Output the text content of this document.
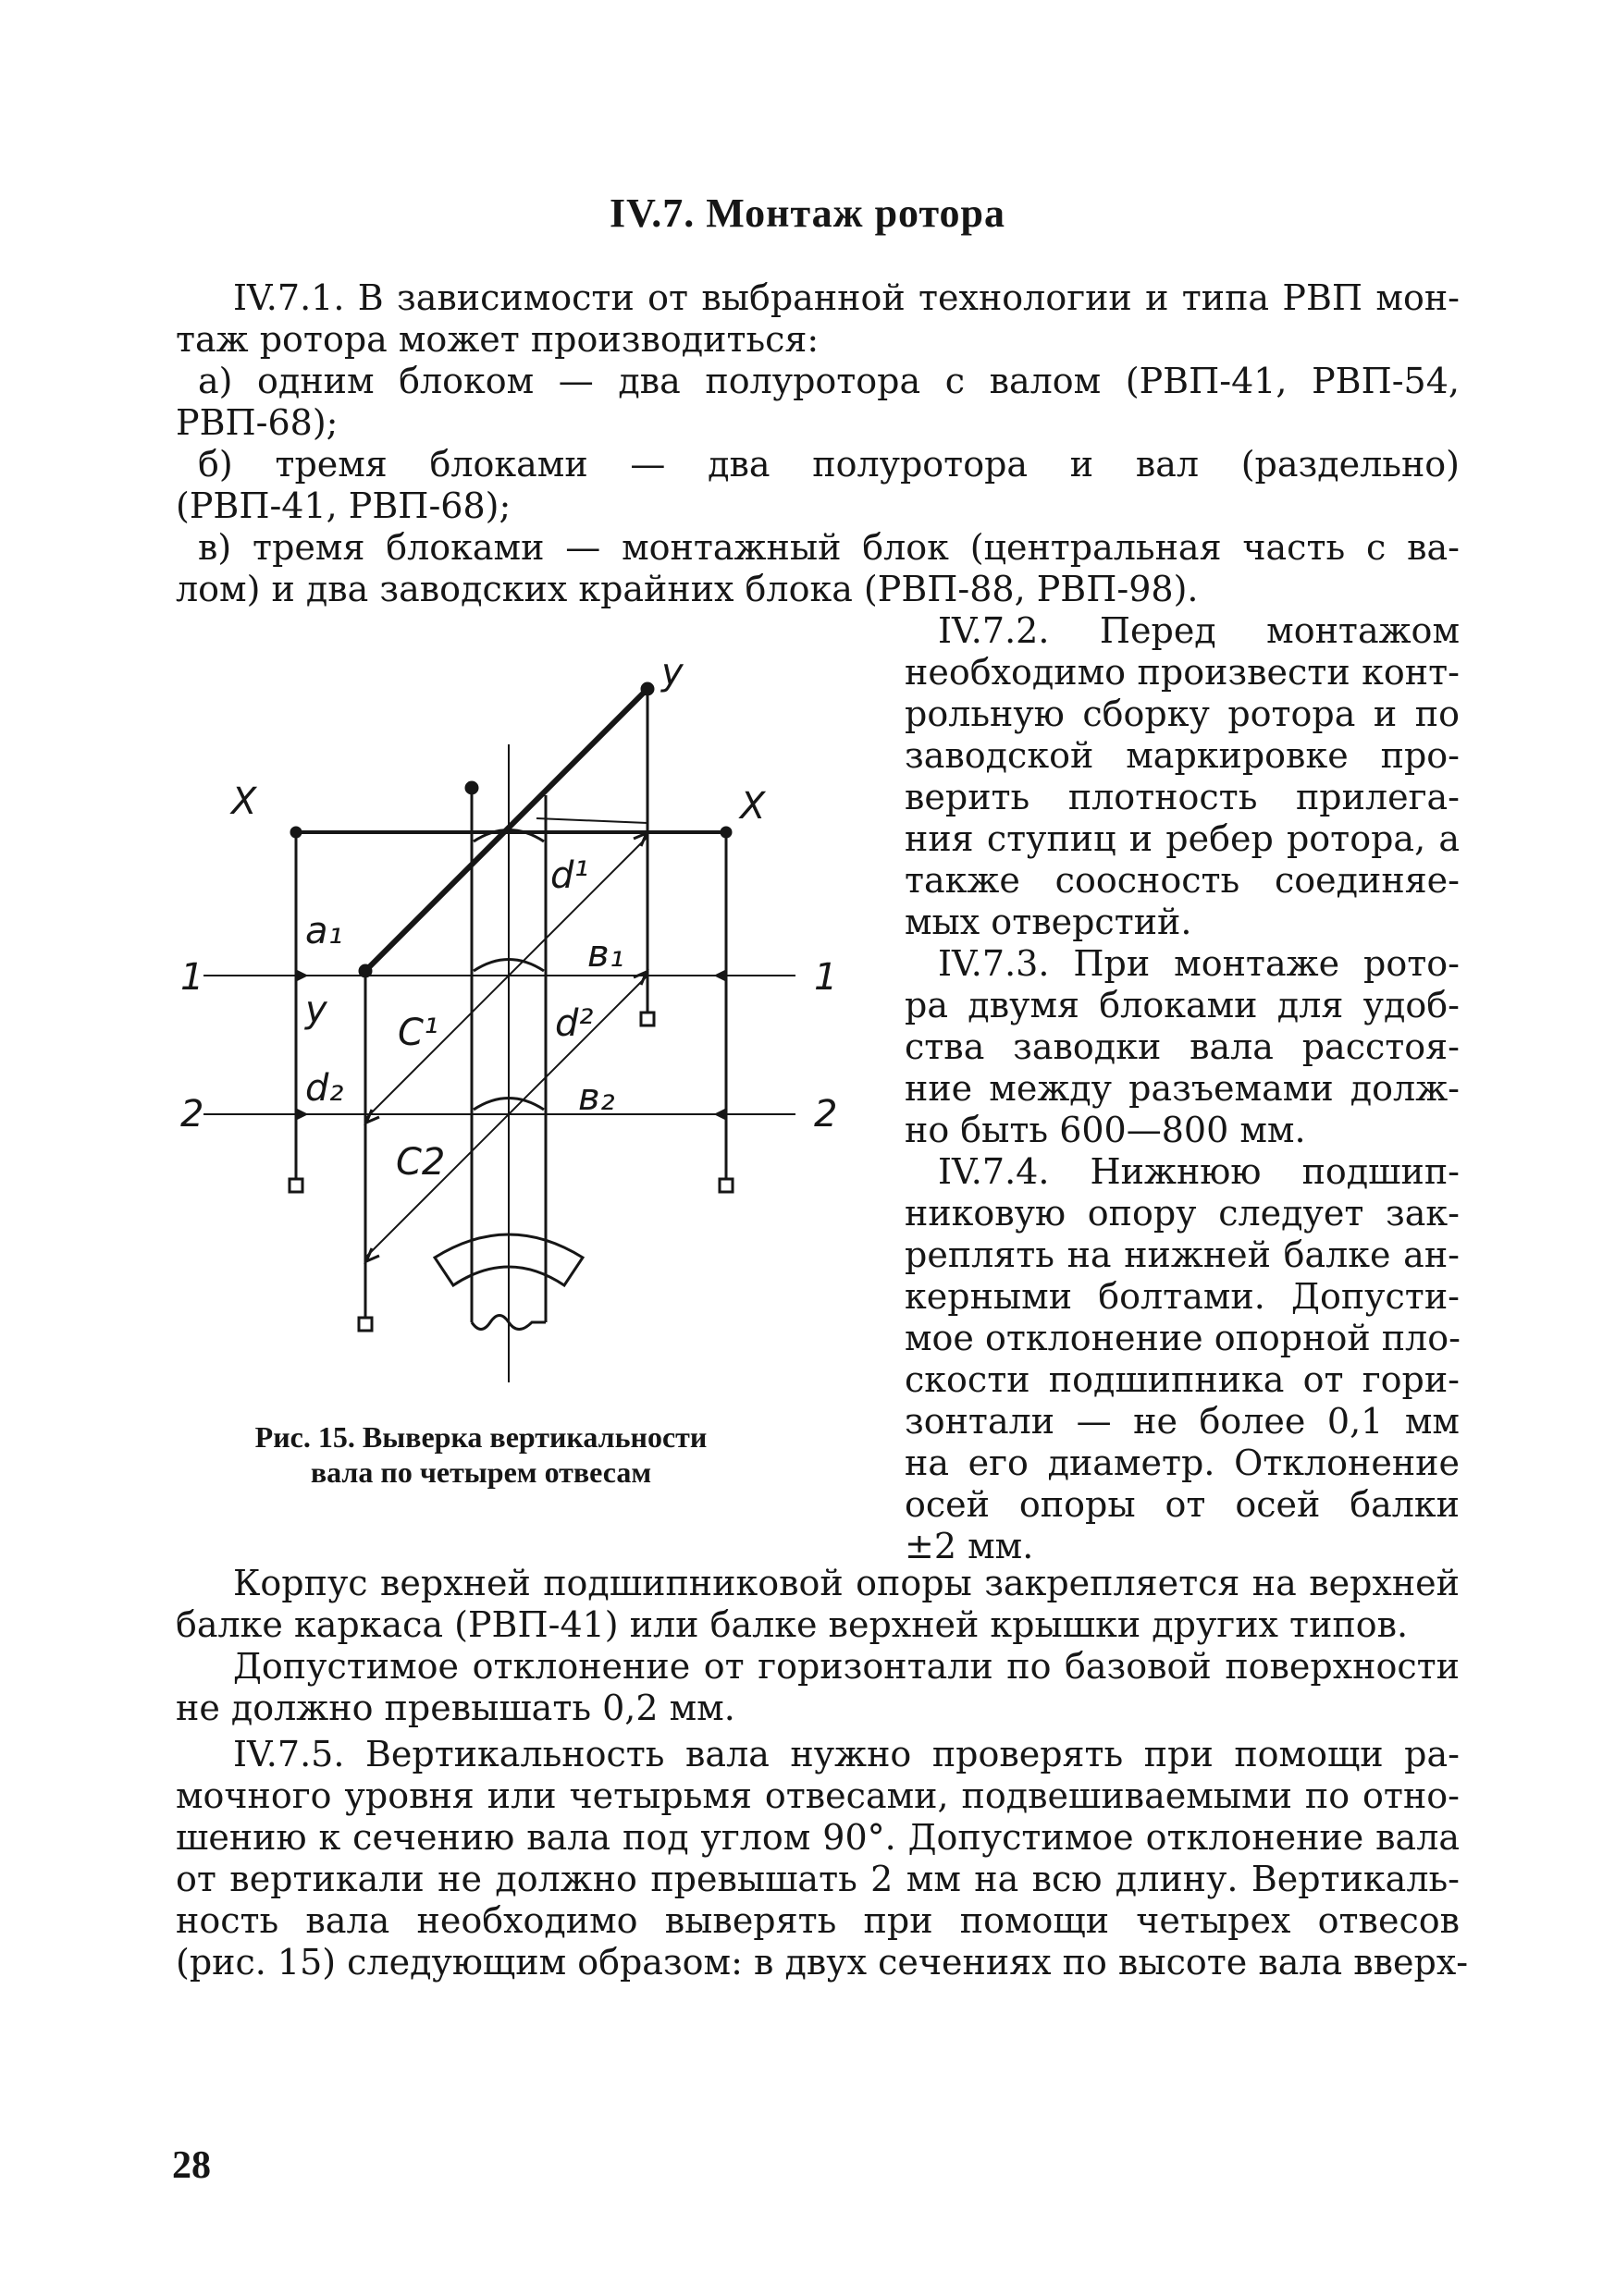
IV.7. Монтаж ротора
IV.7.1. В зависимости от выбранной технологии и типа РВП мон-
таж ротора может производиться:
а) одним блоком — два полуротора с валом (РВП-41, РВП-54,
РВП-68);
б) тремя блоками — два полуротора и вал (раздельно)
(РВП-41, РВП-68);
в) тремя блоками — монтажный блок (центральная часть с ва-
лом) и два заводских крайних блока (РВП-88, РВП-98).
IV.7.2. Перед монтажом
необходимо произвести конт-
рольную сборку ротора и по
заводской маркировке про-
верить плотность прилега-
ния ступиц и ребер ротора, а
также соосность соединяе-
мых отверстий.
IV.7.3. При монтаже рото-
ра двумя блоками для удоб-
ства заводки вала расстоя-
ние между разъемами долж-
но быть 600—800 мм.
IV.7.4. Нижнюю подшип-
никовую опору следует зак-
реплять на нижней балке ан-
керными болтами. Допусти-
мое отклонение опорной пло-
скости подшипника от гори-
зонтали — не более 0,1 мм
на его диаметр. Отклонение
осей опоры от осей балки
±2 мм.
y
X	X
1	1
2	2
a₁
y
d¹
в₁
C¹	d²
d₂	в₂
C2
Рис. 15. Выверка вертикальности
вала по четырем отвесам
Корпус верхней подшипниковой опоры закрепляется на верхней
балке каркаса (РВП-41) или балке верхней крышки других типов.
Допустимое отклонение от горизонтали по базовой поверхности
не должно превышать 0,2 мм.
IV.7.5. Вертикальность вала нужно проверять при помощи ра-
мочного уровня или четырьмя отвесами, подвешиваемыми по отно-
шению к сечению вала под углом 90°. Допустимое отклонение вала
от вертикали не должно превышать 2 мм на всю длину. Вертикаль-
ность вала необходимо выверять при помощи четырех отвесов
(рис. 15) следующим образом: в двух сечениях по высоте вала вверх-
28
